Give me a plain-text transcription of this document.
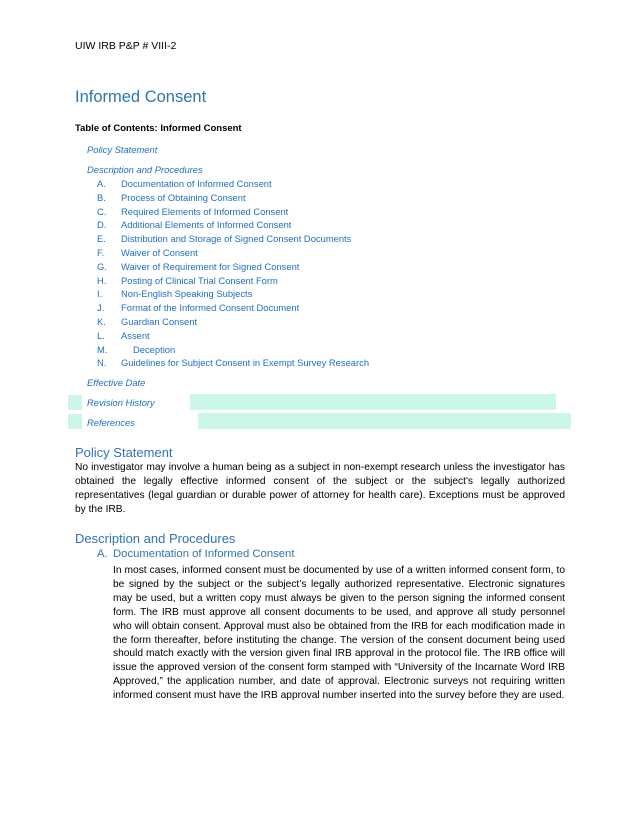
UIW IRB P&P # VIII-2
Informed Consent
Table of Contents: Informed Consent
Policy Statement
Description and Procedures
A. Documentation of Informed Consent
B. Process of Obtaining Consent
C. Required Elements of Informed Consent
D. Additional Elements of Informed Consent
E. Distribution and Storage of Signed Consent Documents
F. Waiver of Consent
G. Waiver of Requirement for Signed Consent
H. Posting of Clinical Trial Consent Form
I. Non-English Speaking Subjects
J. Format of the Informed Consent Document
K. Guardian Consent
L. Assent
M.	Deception
N. Guidelines for Subject Consent in Exempt Survey Research
Effective Date
Revision History
References
Policy Statement

No investigator may involve a human being as a subject in non-exempt research unless the investigator has obtained the legally effective informed consent of the subject or the subject's legally authorized representatives (legal guardian or durable power of attorney for health care). Exceptions must be approved by the IRB.

Description and Procedures
A. Documentation of Informed Consent

In most cases, informed consent must be documented by use of a written informed consent form, to be signed by the subject or the subject’s legally authorized representative. Electronic signatures may be used, but a written copy must always be given to the person signing the informed consent form. The IRB must approve all consent documents to be used, and approve all study personnel who will obtain consent. Approval must also be obtained from the IRB for each modification made in the form thereafter, before instituting the change. The version of the consent document being used should match exactly with the version given final IRB approval in the protocol file. The IRB office will issue the approved version of the consent form stamped with “University of the Incarnate Word IRB Approved,” the application number, and date of approval. Electronic surveys not requiring written informed consent must have the IRB approval number inserted into the survey before they are used.
